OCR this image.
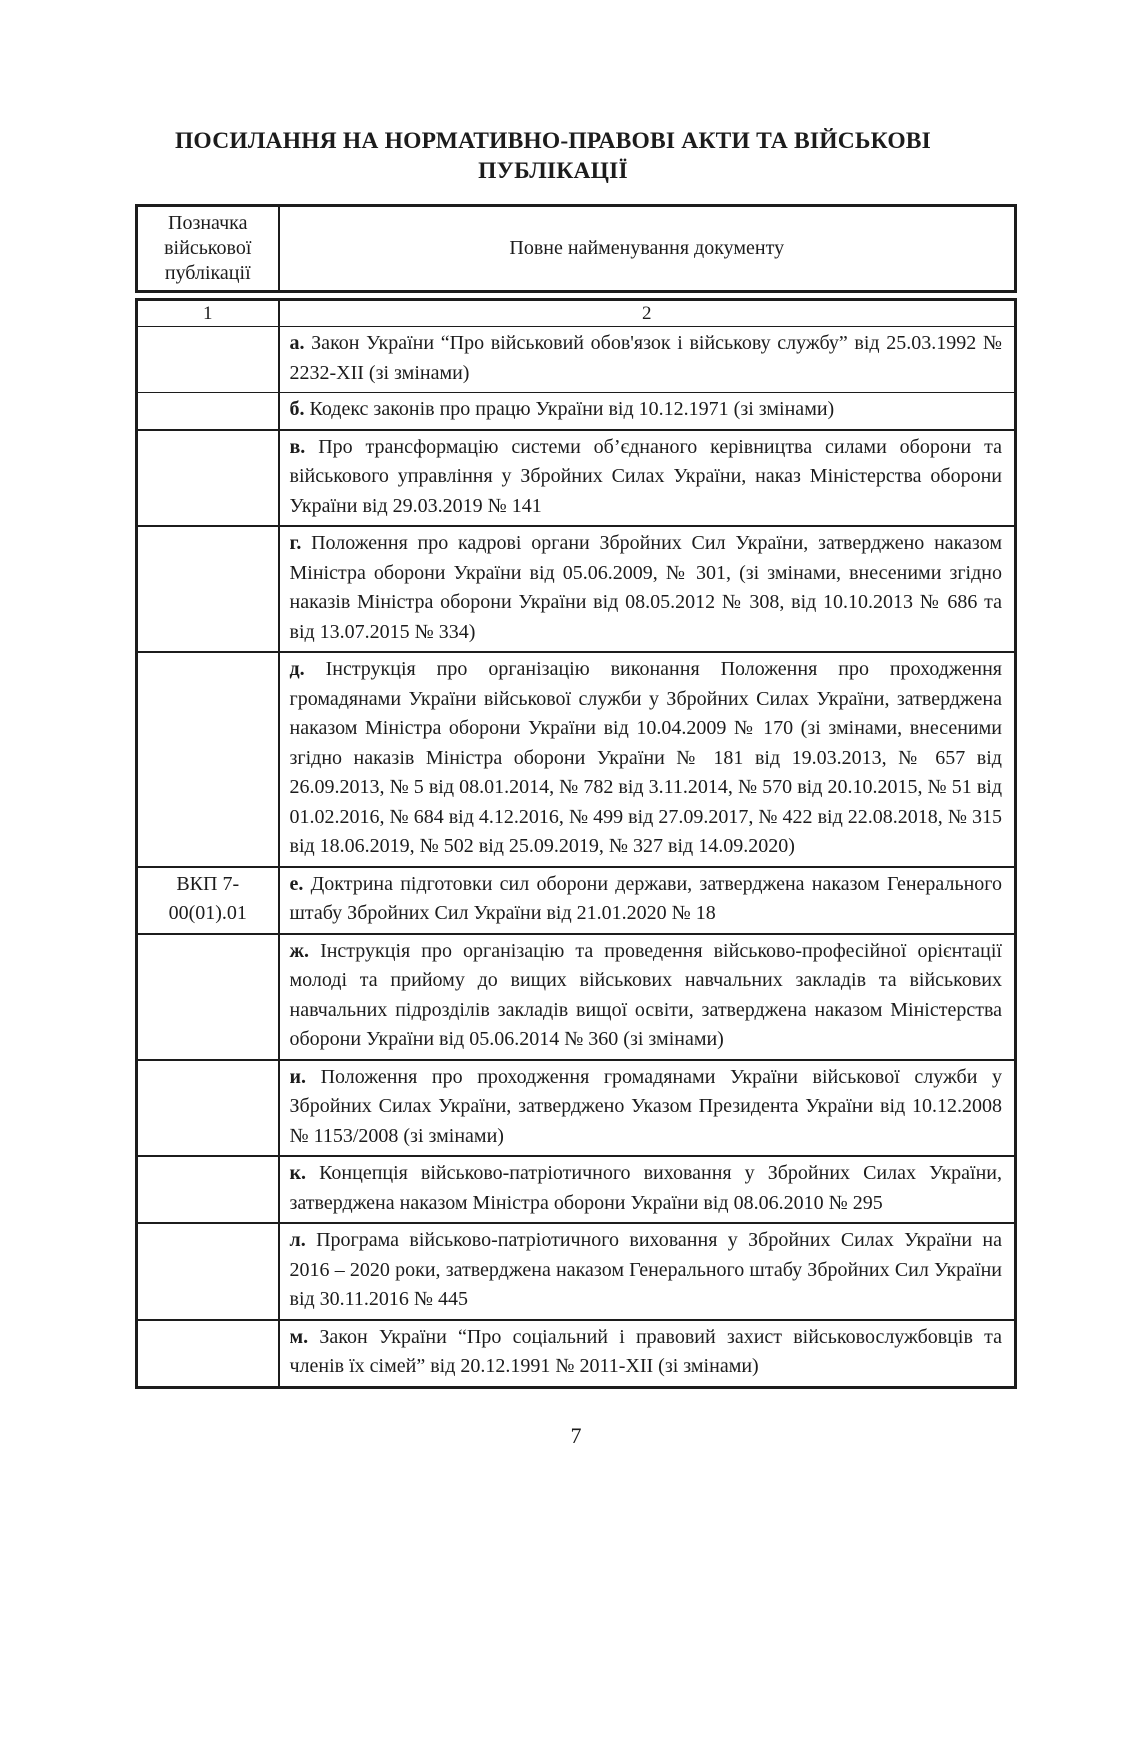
ПОСИЛАННЯ НА НОРМАТИВНО-ПРАВОВІ АКТИ ТА ВІЙСЬКОВІ ПУБЛІКАЦІЇ
Позначка військової публікації	Повне найменування документу
1	2
	а. Закон України “Про військовий обов'язок і військову службу” від 25.03.1992 № 2232-XII (зі змінами)
	б. Кодекс законів про працю України від 10.12.1971 (зі змінами)
	в. Про трансформацію системи об’єднаного керівництва силами оборони та військового управління у Збройних Силах України, наказ Міністерства оборони України від 29.03.2019 № 141
	г. Положення про кадрові органи Збройних Сил України, затверджено наказом Міністра оборони України від 05.06.2009, № 301, (зі змінами, внесеними згідно наказів Міністра оборони України від 08.05.2012 № 308, від 10.10.2013 № 686 та від 13.07.2015 № 334)
	д. Інструкція про організацію виконання Положення про проходження громадянами України військової служби у Збройних Силах України, затверджена наказом Міністра оборони України від 10.04.2009 № 170 (зі змінами, внесеними згідно наказів Міністра оборони України № 181 від 19.03.2013, № 657 від 26.09.2013, № 5 від 08.01.2014, № 782 від 3.11.2014, № 570 від 20.10.2015, № 51 від 01.02.2016, № 684 від 4.12.2016, № 499 від 27.09.2017, № 422 від 22.08.2018, № 315 від 18.06.2019, № 502 від 25.09.2019, № 327 від 14.09.2020)
ВКП 7-00(01).01	е. Доктрина підготовки сил оборони держави, затверджена наказом Генерального штабу Збройних Сил України від 21.01.2020 № 18
	ж. Інструкція про організацію та проведення військово-професійної орієнтації молоді та прийому до вищих військових навчальних закладів та військових навчальних підрозділів закладів вищої освіти, затверджена наказом Міністерства оборони України від 05.06.2014 № 360 (зі змінами)
	и. Положення про проходження громадянами України військової служби у Збройних Силах України, затверджено Указом Президента України від 10.12.2008 № 1153/2008 (зі змінами)
	к. Концепція військово-патріотичного виховання у Збройних Силах України, затверджена наказом Міністра оборони України від 08.06.2010 № 295
	л. Програма військово-патріотичного виховання у Збройних Силах України на 2016 – 2020 роки, затверджена наказом Генерального штабу Збройних Сил України від 30.11.2016 № 445
	м. Закон України “Про соціальний і правовий захист військовослужбовців та членів їх сімей” від 20.12.1991 № 2011-XII (зі змінами)
7
